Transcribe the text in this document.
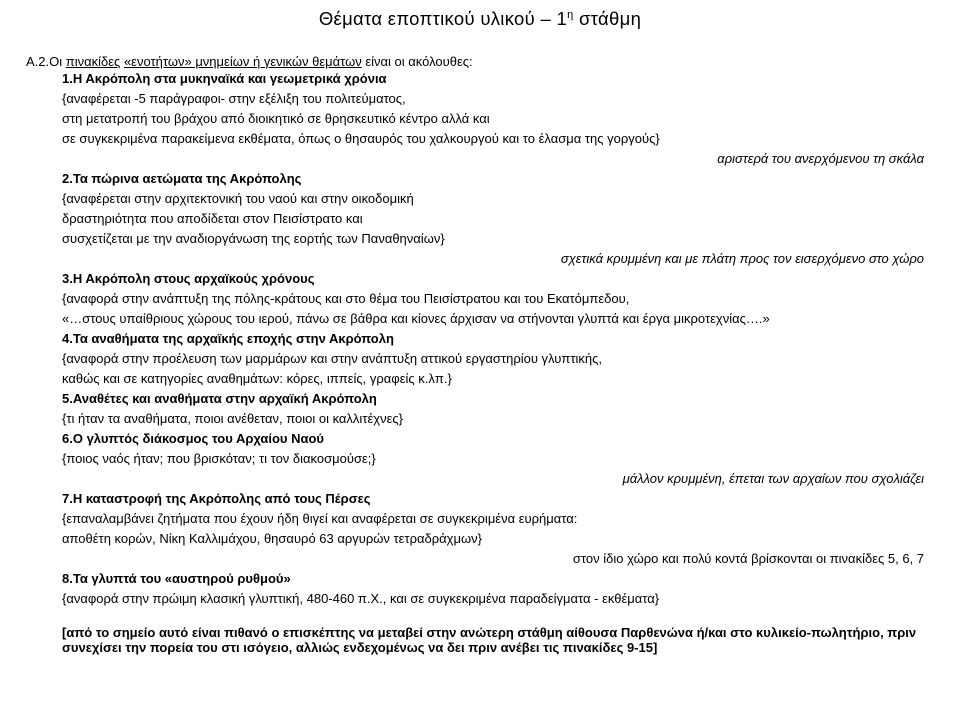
Θέματα εποπτικού υλικού – $1^\eta$ στάθμη
Α.2.Οι πινακίδες «ενοτήτων» μνημείων ή γενικών θεμάτων είναι οι ακόλουθες:
1.Η Ακρόπολη στα μυκηναϊκά και γεωμετρικά χρόνια
{αναφέρεται -5 παράγραφοι- στην εξέλιξη του πολιτεύματος,
στη μετατροπή του βράχου από διοικητικό σε θρησκευτικό κέντρο αλλά και
σε συγκεκριμένα παρακείμενα εκθέματα, όπως ο θησαυρός του χαλκουργού και το έλασμα της γοργούς}
αριστερά του ανερχόμενου τη σκάλα
2.Τα πώρινα αετώματα της Ακρόπολης
{αναφέρεται στην αρχιτεκτονική του ναού και στην οικοδομική
δραστηριότητα που αποδίδεται στον Πεισίστρατο και
συσχετίζεται με την αναδιοργάνωση της εορτής των Παναθηναίων}
σχετικά κρυμμένη και με πλάτη προς τον εισερχόμενο στο χώρο
3.Η Ακρόπολη στους αρχαϊκούς χρόνους
{αναφορά στην ανάπτυξη της πόλης-κράτους και στο θέμα του Πεισίστρατου και του Εκατόμπεδου,
«…στους υπαίθριους χώρους του ιερού, πάνω σε βάθρα και κίονες άρχισαν να στήνονται γλυπτά και έργα μικροτεχνίας….»
4.Τα αναθήματα της αρχαϊκής εποχής στην Ακρόπολη
{αναφορά στην προέλευση των μαρμάρων και στην ανάπτυξη αττικού εργαστηρίου γλυπτικής,
καθώς και σε κατηγορίες αναθημάτων: κόρες, ιππείς, γραφείς κ.λπ.}
5.Αναθέτες και αναθήματα στην αρχαϊκή Ακρόπολη
{τι ήταν τα αναθήματα, ποιοι ανέθεταν, ποιοι οι καλλιτέχνες}
6.Ο γλυπτός διάκοσμος του Αρχαίου Ναού
{ποιος ναός ήταν; που βρισκόταν; τι τον διακοσμούσε;}
μάλλον κρυμμένη, έπεται των αρχαίων που σχολιάζει
7.Η καταστροφή της Ακρόπολης από τους Πέρσες
{επαναλαμβάνει ζητήματα που έχουν ήδη θιγεί και αναφέρεται σε συγκεκριμένα ευρήματα:
αποθέτη κορών, Νίκη Καλλιμάχου, θησαυρό 63 αργυρών τετραδράχμων}
στον ίδιο χώρο και πολύ κοντά βρίσκονται οι πινακίδες 5, 6, 7
8.Τα γλυπτά του «αυστηρού ρυθμού»
{αναφορά στην πρώιμη κλασική γλυπτική, 480-460 π.Χ., και σε συγκεκριμένα παραδείγματα - εκθέματα}
[από το σημείο αυτό είναι πιθανό ο επισκέπτης να μεταβεί στην ανώτερη στάθμη αίθουσα Παρθενώνα ή/και στο κυλικείο-πωλητήριο, πριν συνεχίσει την πορεία του στι ισόγειο, αλλιώς ενδεχομένως να δει πριν ανέβει τις πινακίδες 9-15]
